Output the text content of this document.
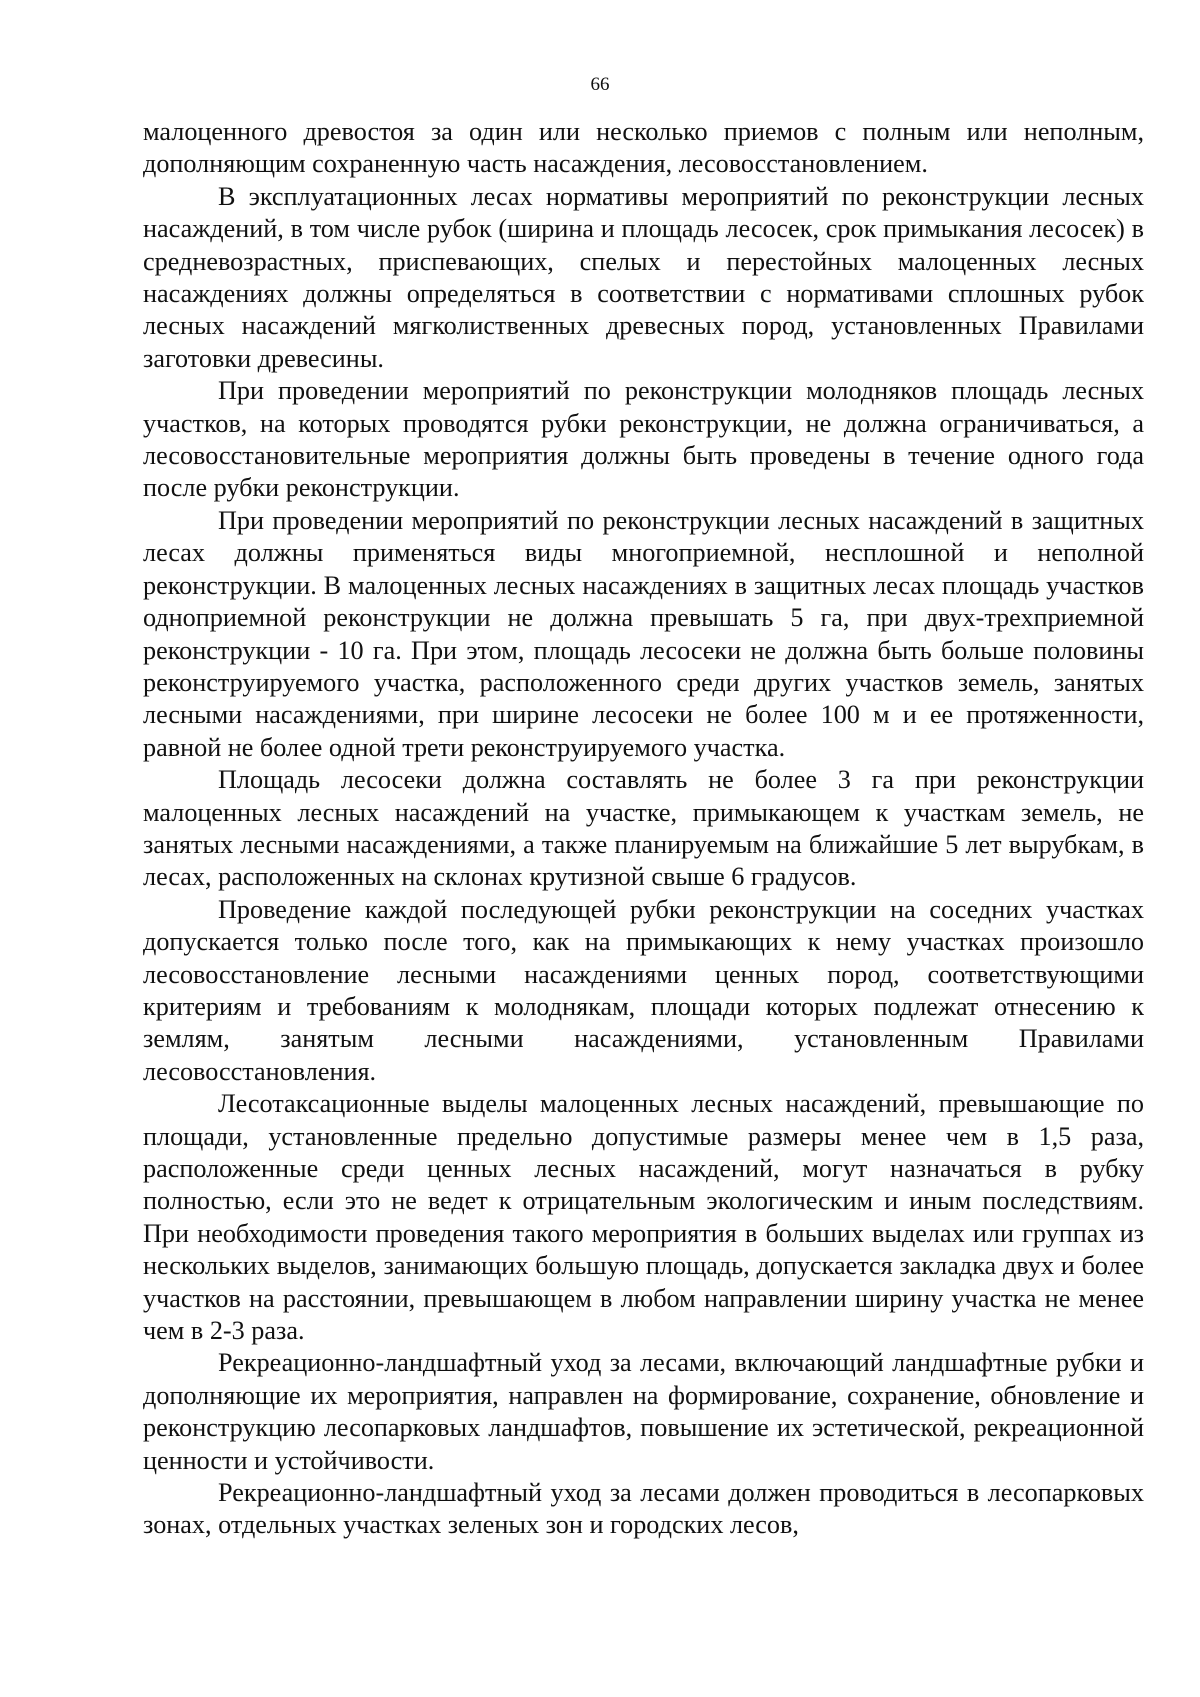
66

малоценного древостоя за один или несколько приемов с полным или неполным, дополняющим сохраненную часть насаждения, лесовосстановлением.

В эксплуатационных лесах нормативы мероприятий по реконструкции лесных насаждений, в том числе рубок (ширина и площадь лесосек, срок примыкания лесосек) в средневозрастных, приспевающих, спелых и перестойных малоценных лесных насаждениях должны определяться в соответствии с нормативами сплошных рубок лесных насаждений мягколиственных древесных пород, установленных Правилами заготовки древесины.

При проведении мероприятий по реконструкции молодняков площадь лесных участков, на которых проводятся рубки реконструкции, не должна ограничиваться, а лесовосстановительные мероприятия должны быть проведены в течение одного года после рубки реконструкции.

При проведении мероприятий по реконструкции лесных насаждений в защитных лесах должны применяться виды многоприемной, несплошной и неполной реконструкции. В малоценных лесных насаждениях в защитных лесах площадь участков одноприемной реконструкции не должна превышать 5 га, при двух-трехприемной реконструкции - 10 га. При этом, площадь лесосеки не должна быть больше половины реконструируемого участка, расположенного среди других участков земель, занятых лесными насаждениями, при ширине лесосеки не более 100 м и ее протяженности, равной не более одной трети реконструируемого участка.

Площадь лесосеки должна составлять не более 3 га при реконструкции малоценных лесных насаждений на участке, примыкающем к участкам земель, не занятых лесными насаждениями, а также планируемым на ближайшие 5 лет вырубкам, в лесах, расположенных на склонах крутизной свыше 6 градусов.

Проведение каждой последующей рубки реконструкции на соседних участках допускается только после того, как на примыкающих к нему участках произошло лесовосстановление лесными насаждениями ценных пород, соответствующими критериям и требованиям к молоднякам, площади которых подлежат отнесению к землям, занятым лесными насаждениями, установленным Правилами лесовосстановления.

Лесотаксационные выделы малоценных лесных насаждений, превышающие по площади, установленные предельно допустимые размеры менее чем в 1,5 раза, расположенные среди ценных лесных насаждений, могут назначаться в рубку полностью, если это не ведет к отрицательным экологическим и иным последствиям. При необходимости проведения такого мероприятия в больших выделах или группах из нескольких выделов, занимающих большую площадь, допускается закладка двух и более участков на расстоянии, превышающем в любом направлении ширину участка не менее чем в 2-3 раза.

Рекреационно-ландшафтный уход за лесами, включающий ландшафтные рубки и дополняющие их мероприятия, направлен на формирование, сохранение, обновление и реконструкцию лесопарковых ландшафтов, повышение их эстетической, рекреационной ценности и устойчивости.

Рекреационно-ландшафтный уход за лесами должен проводиться в лесопарковых зонах, отдельных участках зеленых зон и городских лесов,
